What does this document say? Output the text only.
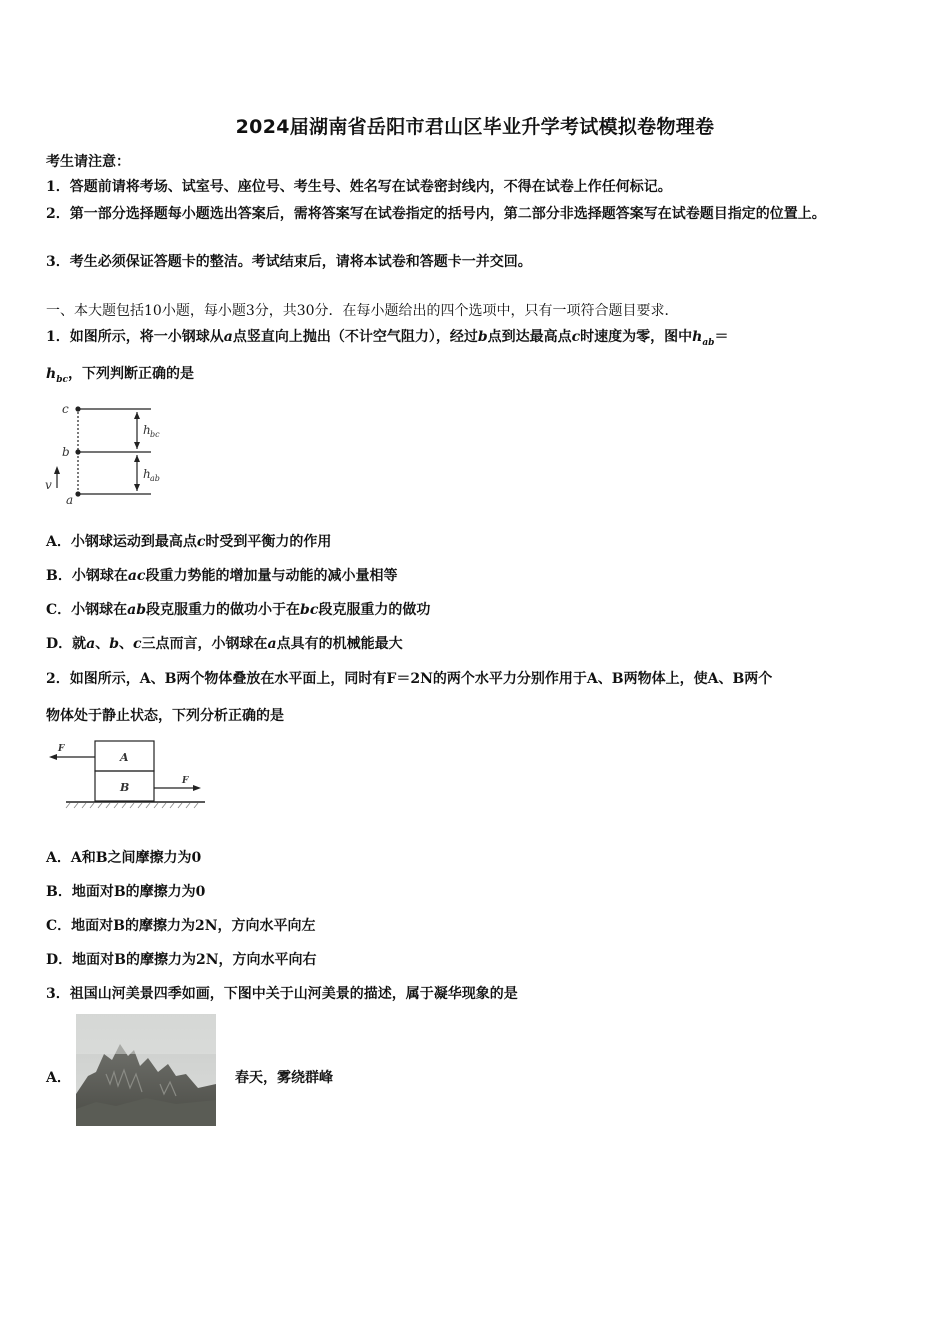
2024届湖南省岳阳市君山区毕业升学考试模拟卷物理卷
考生请注意：
1．答题前请将考场、试室号、座位号、考生号、姓名写在试卷密封线内，不得在试卷上作任何标记。
2．第一部分选择题每小题选出答案后，需将答案写在试卷指定的括号内，第二部分非选择题答案写在试卷题目指定的位置上。
3．考生必须保证答题卡的整洁。考试结束后，请将本试卷和答题卡一并交回。
一、本大题包括10小题，每小题3分，共30分．在每小题给出的四个选项中，只有一项符合题目要求．
1．如图所示，将一小钢球从a点竖直向上抛出（不计空气阻力），经过b点到达最高点c时速度为零，图中$h_{ab}=$
$h_{bc}$，下列判断正确的是
c
b
a
v
h bc
h ab
A．小钢球运动到最高点c时受到平衡力的作用
B．小钢球在ac段重力势能的增加量与动能的减小量相等
C．小钢球在ab段克服重力的做功小于在bc段克服重力的做功
D．就a、b、c三点而言，小钢球在a点具有的机械能最大
2．如图所示，A、B两个物体叠放在水平面上，同时有F＝2N的两个水平力分别作用于A、B两物体上，使A、B两个
物体处于静止状态，下列分析正确的是
A
B
F
F
A．A和B之间摩擦力为0
B．地面对B的摩擦力为0
C．地面对B的摩擦力为2N，方向水平向左
D．地面对B的摩擦力为2N，方向水平向右
3．祖国山河美景四季如画，下图中关于山河美景的描述，属于凝华现象的是
A．	春天，雾绕群峰
